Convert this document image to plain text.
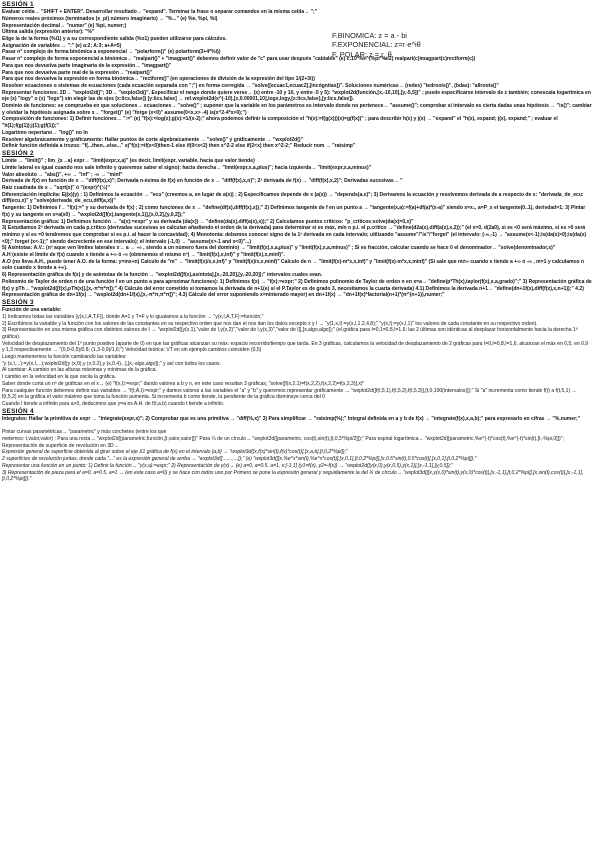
SESIÓN 1
Evaluar celda→ "SHIFT + ENTER". Desarrollar resultado→ "expand". Terminar la frase o separar comandos en la misma celda→ ";"
Números reales próximos (terminados (e_pi) número imaginario) → "%..." (e) %e, %pi, %i)
Representación decimal→ "numer" (e) %pi, numer;)
Última salida (expresión anterior): "%"
Elige la de la forma (%i1) y a su correspondiente salida (%o1) pueden utilizarse para cálculos.
Asignación de variables → ":" (e) a:2; A:3; a+A=5)
Pasar n° complejo de forma binómica a exponencial → "polarform()" (e) polarform(3+4*%i))
Pasar n° complejo de forma exponencial a binómica→ "realpart()" + "imagpart()" debemos definir valor de "c" para usar después "cabiable" (e) c:10*%e^(%pi*%i/2) realpart(c)imagpart(c)rectform(c))
Para que nos devuelva parte imaginaria de la expresión→ "imagpart()"
Para que nos devuelva parte real de la expresión→ "realpart()"
Para que nos devuelva la expresión en forma binómica→ "rectform()" (en operaciones de división de la expresión del tipo 1/(2+3i))
Resolver ecuaciones o sistemas de ecuaciones (cada ecuación separada con ";") en forma corregida → "solve([ecuac1,ecuac2],[incógnitas])". Soluciones numéricas→ (redes) "tedrools()", (bdas): "allroots()"
Representar funciones: 2D→ "wxplot2d()"; 3D→ "wxplot3d()". Especificar el rango donde quiere verse→ (x) entre -10 y 10, y entre -5 y 5): "wxplot2d(función,[x,-10,10],[y,-5,5])" ; puede especificarse intervalo de z también; conescala logarítmica en eje (x) "logy" o (x) "logx") sin elegir las de ejes [x:lics,false]) [y:lics,false] → ref.wxplot2d(x^(-10),[x,0.00001,10],logx,logy,[x:lics,false],[y:lics,false]).
Dominio de funciones: se comprueba en que soluciones→ ecuaciones→ "solve()" ; suponer que la variable en los parámetros es intervalo donde no pertenece→ "assume()"; comprobar si intervalo es cierta dadas unas hipótesis → "is()"; cambiar y olvidar la hipótesis asignada sobre x→ "forget()" (e) "forge (x<0)" assume(0<x,x> -4) is(x^2-4*x>0);")
Composición de funciones: 1) Definir funciones→ ":=" (e) "f(x):=log(x);g(x):=1/(x-2);" ahora podemos definir la composición el "h(x):=f(g(x)))(x)=g(f(x))" ; para describir h(x) y j(x) → "expand" el "h(x), expand; j(x), expand;" ; evaluar el "h(1);f(g(1));j(1);g(f(1));"
Logaritmo neperiano→ "log()" no ln
Resolver algebraicamente y gráficamente: Hallar puntos de corte algebraicamente → "solve()" y gráficamente → "wxplot2d()"
Definir función definida a trozos: "f(...then...else..." ej"f(x):=if(x<0)then-1 else if(0<x<2) then x^2-2 else if(2<x) then x^2-2;" Reducir nom → "ratsimp"
SESIÓN 2
Límite → "limit()" ; lim_{x→a} expr→ "limit(expr,x,a)" (es decir, limit(expr, variable, hacia que valor tiende)
Límite lateral es igual cuando nos sale infinito y queremos saber el signo): hacia derecha→ "limit(expr,x,a,plus)"; hacia izquierda→ "limit(expr,x,a,minus)"
Valor absoluto → "abs()", +∞ → "inf" ; -∞ → "minf"
Derivada de f(x) en función de x → "diff(f(x),x)"; Derivada n-ésima de f(x) en función de x → "diff(f(x),x,n)"; 2ª derivada de f(x) → "diff(f(x),x,2)"; Derivadas sucesivas→ "
Raíz cuadrada de x→ "sqrt(x)" ó "(expr)^(½)"
Diferenciación implícita: Ej(x)(y) : 1) Definimos la ecuación → "ecu" (creemos a, en lugar de a(x)) ; 2) Especificamos depende de x (a(x)) → "depends(a,x)"; 3) Derivamos la ecuación y resolvemos derivada de a respecto de x: "derivada_de_ecu: diff(ecu,x)" y "solve(derivada_de_ecu,diff(a,x))"
Tangente: 1) Definimos f→ "f(x):=" y su derivada de f(x) ; 2) como funciones de x → "define(df(x),diff(f(x),x));" 2) Definimos tangente de f en un punto a → "tangente(x,a):=f(a)+df(a)*(x-a)" siendo x=x₀, a=P_x el tangente(0..1), derivdad=1; 3) Pintar f(x) y su tangente en x=a(x0) → "wxplot2d([f(x),tangente(x,1)],[x,0,2],[y,0,2]);"
Representación gráfica: 1) Definimos función → "a(x):=expr" y su derivada (da(x)) → "define(da(x),diff(a(x),x));" 2) Calculamos puntos críticos: "p_criticos:solve(da(x)=0,x)"
3) Estudiamos 2ª derivada en cada p.crítico (derivadas sucesivas se calculan añadiendo el orden de la derivada) para determinar si es máx, mín o p.i. el p.crítico → "define(d2a(x),diff(a(x),x,2));" (el x=0, d(2a0), si es <0 será máximo, si es >0 será mínimo y si es =0 tendremos que comprobar si es p.i. al hacer la concavidad); 4) Monotonía: debemos conocer signo de la 1ª derivada en cada intervalo; utilizando "assume"/"is"/"forget" (el intervalo: (-∞,-1) → "assume(x<-1);is(da(x)>0);is(da(x)<0);" forget (x<-1);" siendo decreciente en ese intervalo); el intervalo (-1,0) → "assume(x>-1 and x<0)"...)
5) Asíntotas: A.V.: (nº aque ven límites laterales x→ a → -∞ , siendo a un número fuera del dominio) → "limit(f(x),x,a,plus)" y "limit(f(x),x,a,minus)" ; Si es fracción, calcular cuando se hace 0 el denominador→ "solve(denominador,x)"
A.H (existe el límite de f(x) cuando x tiende a +∞ ó -∞ (obtenemos el mismo nº) → "limit(f(x),x,inf)" y "limit(f(x),x,minf)".
A.O (no lleva A.H., puede tener A.O. de la forma: y=mx+n) Calculo de "m" → "limit(f(x)/x,x,inf)" y "limit(f(x)/x,x,minf)" Calculo de n → "limit(f(x)-m*x,x,inf)" y "limit(f(x)-m*x,x,minf)" (Si sale que m≠∞ cuando x tiende a +∞ ó -∞ , m=1 y calculamos n solo cuando x tiende a +∞).
6) Representación gráfica de f(x) y de asíntotas de la función → "wxplot2d([f(x),asíntota],[x,-20,20],[y,-20,20]);" intervalos cuales sean.
Polinomio de Taylor de orden n de una función f en un punto a para aproximar funciones): 1) Definimos f(x) → "f(x):=expr;" 2) Definimos polinomio de Taylor de orden n en x=a→ "define(p*Th(x),taylor(f(x),x,a,grado)";" 3) Representación gráfica de f(x) y pTh→ "wxplot2d([f(x),pTh(x)],[x,-π*π*π]);" 4) Cálculo del error cometido si tomamos la derivada de n+1(e) si el P.Taylor es de grado 3, necesitamos la cuarta derivada) 4.1) Definimos la derivada n+1→ "define(dn+1f(x),diff(f(x),x,n+1));" 4.2) Representación gráfica de dn+1f(x) → "wxplot2d(dn+1f(x),[x,-π*π,π*π])"; 4.3) Cálculo del error suponiendo x=ninterado mayor) en dn+1f(x) → "dn+1f(x)*factorial(n+1)*(π^(n+1)),numer;"
SESIÓN 3
Función de una variable:
1) Indicamos todas las variables (y(x,I,A,T,F)), donde A=1 y T=F y lo igualamos a la función → "y(x,I,A,T,F):=función;"
2) Escribimos la variable y la función con los valores de las constantes en su respectivo orden que nos dan el nos dan los datos excepto x y I → "y(1,x,I):=y(x,I,1,2,4,8);" "y(x,I):=y(x,I,1)" los valores de cada constante en su respectivo orden).
3) Representación en una misma gráfica con distintos valores de I → "wxplot2d([y(x,1),"valor de I,y(x,2)","valor de I,y(x,3)","valor de I]],[x,algo,algo]);" (el gráfica para I=0,1=0.8,I=1.6: las 2 últimas son idénticas al desplazar horizontalmente hacia la derecha 1ª gráfica).
Velocidad de desplazamiento del 1º punto positivo (aparte de 0) en que las gráficas alcanzan su máx: espacio recorrido/tiempo que tarda. En 3 gráficas, calculamos la velocidad de desplazamiento de 2 gráficas para I=0,I=0,8,I=1,6, alcanzan el máx en 0,5, en 0,9 y 1,3 respectivamente → "(0,9-0,5)/0,8; (1,3-0,9)/1,6;") Velocidad teórica: VT en sin ejemplo cambios coinciden (0,5)
Luego mantenemos la función cambiando las variables:
"y (x,I,...):=y(x,I,...);wxplot2d([y (x,0),y (x,0.2),y (x,0.4)...],[x,-algo,algo]);" y así con todos los casos.
Al cambiar: A cambio en las alturas máximas y mínimas de la gráfica.
I cambio en la velocidad en la que oscila la gráfica.
Saber donde corta un nº de gráficas en el x→ (e) "f(x,I):=expr;" dando valores a b y n, en este caso resultan 3 gráficas; "solve([f(x,2,1)=f(x,2,2),f(x,2,2)=f(x,2,3)],x)"
Para cualquier función debemos definir sus variables → "f(t,A,I):=expr;" y damos valores a las variables el "a" y "b" y queremos representar gráficamente → "wxplot2d([f(t,5,1),f(t,5,2),f(t,5,3)],[t,0,100(intervalos)]);" Si "a" incrementa como tiende f(t) a f(t,5,1) → f(t,5,2) en la gráfica el valor máximo que toma la función aumenta. Si incrementa b como tiende, la pendiente de la gráfica disminuye cerca del 0
Cuando I tiende a infinito para a>0, deducimos que y=a es A.H. de f(t,a,b) cuando t tiende a infinito.
SESIÓN 4
Integrales: Hallar la primitiva de expr → "integrate(expr,x)"; 2) Comprobar que es una primitiva → "diff(%,x)" 3) Para simplificar → "ratsimp(%);" Integral definida en a y b de f(x) → "integrate(f(x),x,a,b);" para expresarlo en cifras → "%,numer;"

Pintar curvas paramétricas→ "parametric" y más corchetes (entre los que
metemos: t,valor,valor) : Para una recta→ "wxplot2d([parametric,función,[t,valor,valor]])" Para ¼ de un círculo→ "wxplot2d([parametric, cos(t),sin(t),[t,0,3*%pi/2]]);" Para espiral logarítmica→ "wxplot2d([parametric,%e^(-t)*cos(t),%e^(-t)*sin(t),[t,-%pi,0]])";
Representación de superficie de revolución en 3D→
Expresión general de superficie obtenida al girar sobre el eje X1 gráfica de f(x) en el intervalo [a,b] → "wxplot3d([x,f(x)*sin(t),f(x)*cos(t)],[x,a,b],[t,0,2*%pi]);"
2 superficies de revolución juntas, donde cada "..." es la expresión general de arriba → "wxplot3d([...,...,...]);" (e) "wxplot3d([[x,%e^x*sin(t),%e^x*cos(t)],[x,0,1],[t,0,2*%pi]],[x,0.5*sin(t),0.5*cos(t)],[x,0,1],[t,0,2*%pi]]);"
Representar una función en un punto: 1) Definir la función→ "y(x,a):=expr;" 2) Representación de y(x)→ (e) a=0, a=0.5, a=1, x:[-1,1] (y1=f(x), y2=-f(x)) → "wxplot2d([y(x,0),y(x,0.5),y(x,1)],[x,-1,1],[y,0,5]);"
3) Representación de pieza para el a=0, a=0.5, a=1 → (en este caso a=0) y se hace con todos uno por Primero se pone la expresión general y seguidamente la del ¼ de círculo→ "wxplot3d([[x,y(x,0)*sin(t),y(x,0)*cos(t)],[x,-1,1],[t,0,2*%pi]],[x,sin(t),cos(t)],[x,-1,1],[t,0,2*%pi]]);"
F.BINOMICA: z = a - bi
F.EXPONENCIAL: z=r·e^iθ
F. POLAR: z = r_θ
